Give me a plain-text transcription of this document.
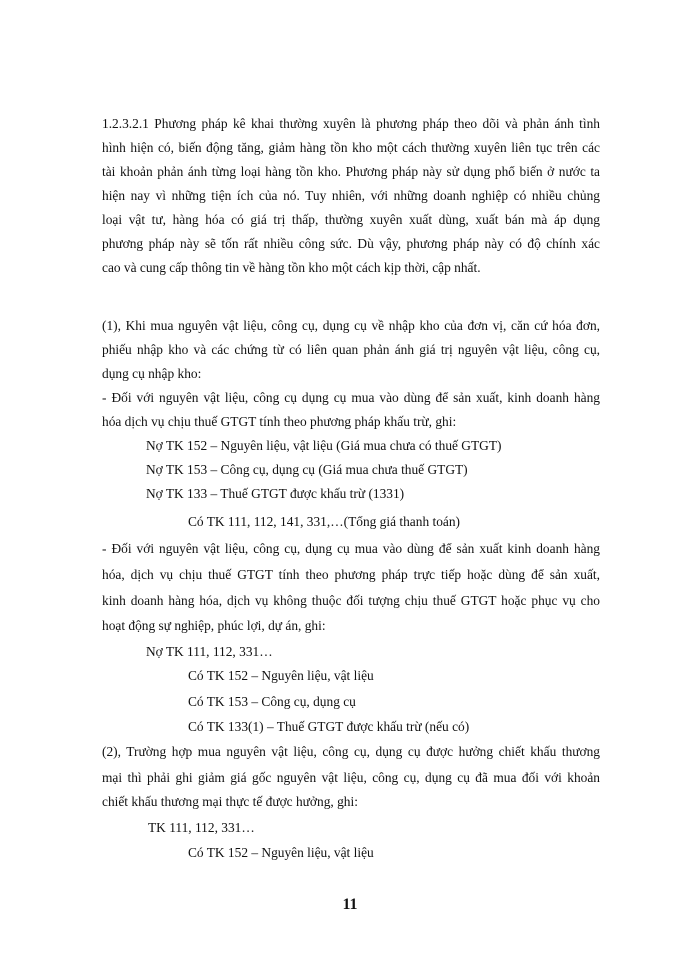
1.2.3.2.1 Phương pháp kê khai thường xuyên là phương pháp theo dõi và phản ánh tình
hình hiện có, biến động tăng, giảm hàng tồn kho một cách thường xuyên liên tục trên các
tài khoản phản ánh từng loại hàng tồn kho. Phương pháp này sử dụng phổ biến ở nước ta
hiện nay vì những tiện ích của nó. Tuy nhiên, với những doanh nghiệp có nhiều chủng
loại vật tư, hàng hóa có giá trị thấp, thường xuyên xuất dùng, xuất bán mà áp dụng
phương pháp này sẽ tốn rất nhiều công sức. Dù vậy, phương pháp này có độ chính xác
cao và cung cấp thông tin về hàng tồn kho một cách kịp thời, cập nhất.
(1), Khi mua nguyên vật liệu, công cụ, dụng cụ về nhập kho của đơn vị, căn cứ hóa đơn,
phiếu nhập kho và các chứng từ có liên quan phản ánh giá trị nguyên vật liệu, công cụ,
dụng cụ nhập kho:
- Đối với nguyên vật liệu, công cụ dụng cụ mua vào dùng để sản xuất, kinh doanh hàng
hóa dịch vụ chịu thuế GTGT tính theo phương pháp khấu trừ, ghi:
Nợ TK 152 – Nguyên liệu, vật liệu (Giá mua chưa có thuế GTGT)
Nợ TK 153 – Công cụ, dụng cụ (Giá mua chưa thuế GTGT)
Nợ TK 133 – Thuế GTGT được khấu trừ (1331)
Có TK 111, 112, 141, 331,…(Tổng giá thanh toán)
- Đối với nguyên vật liệu, công cụ, dụng cụ mua vào dùng để sản xuất kinh doanh hàng
hóa, dịch vụ chịu thuế GTGT tính theo phương pháp trực tiếp hoặc dùng để sản xuất,
kinh doanh hàng hóa, dịch vụ không thuộc đối tượng chịu thuế GTGT hoặc phục vụ cho
hoạt động sự nghiệp, phúc lợi, dự án, ghi:
Nợ TK 111, 112, 331…
Có TK 152 – Nguyên liệu, vật liệu
Có TK 153 – Công cụ, dụng cụ
Có TK 133(1) – Thuế GTGT được khấu trừ (nếu có)
(2), Trường hợp mua nguyên vật liệu, công cụ, dụng cụ được hưởng chiết khấu thương
mại thì phải ghi giảm giá gốc nguyên vật liệu, công cụ, dụng cụ đã mua đối với khoản
chiết khấu thương mại thực tế được hưởng, ghi:
TK 111, 112, 331…
Có TK 152 – Nguyên liệu, vật liệu
11
